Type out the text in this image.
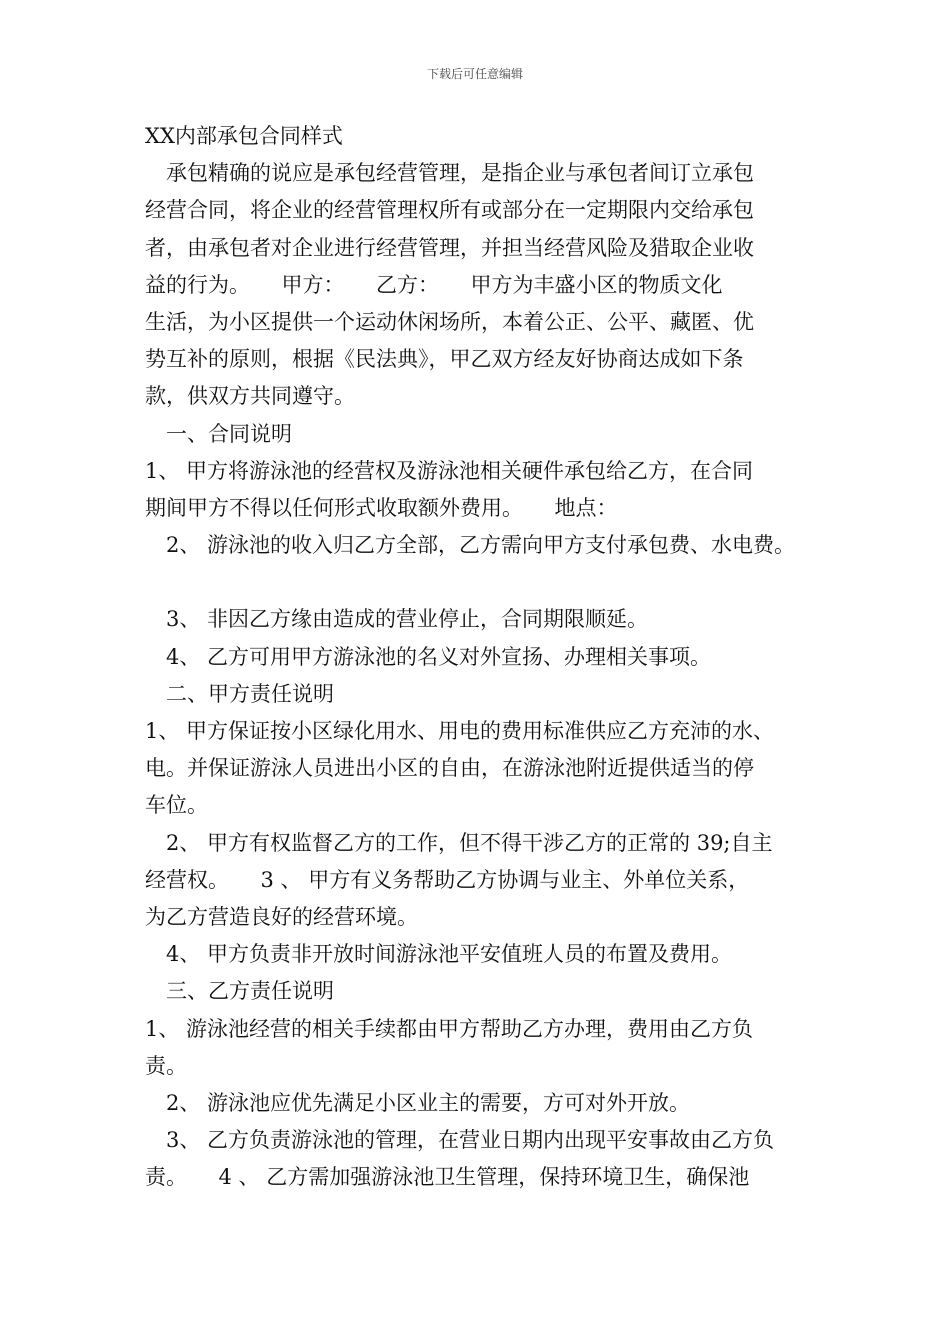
下载后可任意编辑
XX内部承包合同样式
　承包精确的说应是承包经营管理，是指企业与承包者间订立承包
经营合同，将企业的经营管理权所有或部分在一定期限内交给承包
者，由承包者对企业进行经营管理，并担当经营风险及猎取企业收
益的行为。　　甲方：　　乙方：　　甲方为丰盛小区的物质文化
生活，为小区提供一个运动休闲场所，本着公正、公平、藏匿、优
势互补的原则，根据《民法典》，甲乙双方经友好协商达成如下条
款，供双方共同遵守。
　一、合同说明
1、 甲方将游泳池的经营权及游泳池相关硬件承包给乙方，在合同
期间甲方不得以任何形式收取额外费用。　　地点：
　2、 游泳池的收入归乙方全部，乙方需向甲方支付承包费、水电费。
　3、 非因乙方缘由造成的营业停止，合同期限顺延。
　4、 乙方可用甲方游泳池的名义对外宣扬、办理相关事项。
　二、甲方责任说明
1、 甲方保证按小区绿化用水、用电的费用标准供应乙方充沛的水、
电。并保证游泳人员进出小区的自由，在游泳池附近提供适当的停
车位。
　2、 甲方有权监督乙方的工作，但不得干涉乙方的正常的 39;自主
经营权。　　3 、 甲方有义务帮助乙方协调与业主、外单位关系，
为乙方营造良好的经营环境。
　4、 甲方负责非开放时间游泳池平安值班人员的布置及费用。
　三、乙方责任说明
1、 游泳池经营的相关手续都由甲方帮助乙方办理，费用由乙方负
责。
　2、 游泳池应优先满足小区业主的需要，方可对外开放。
　3、 乙方负责游泳池的管理，在营业日期内出现平安事故由乙方负
责。　　4 、 乙方需加强游泳池卫生管理，保持环境卫生，确保池
